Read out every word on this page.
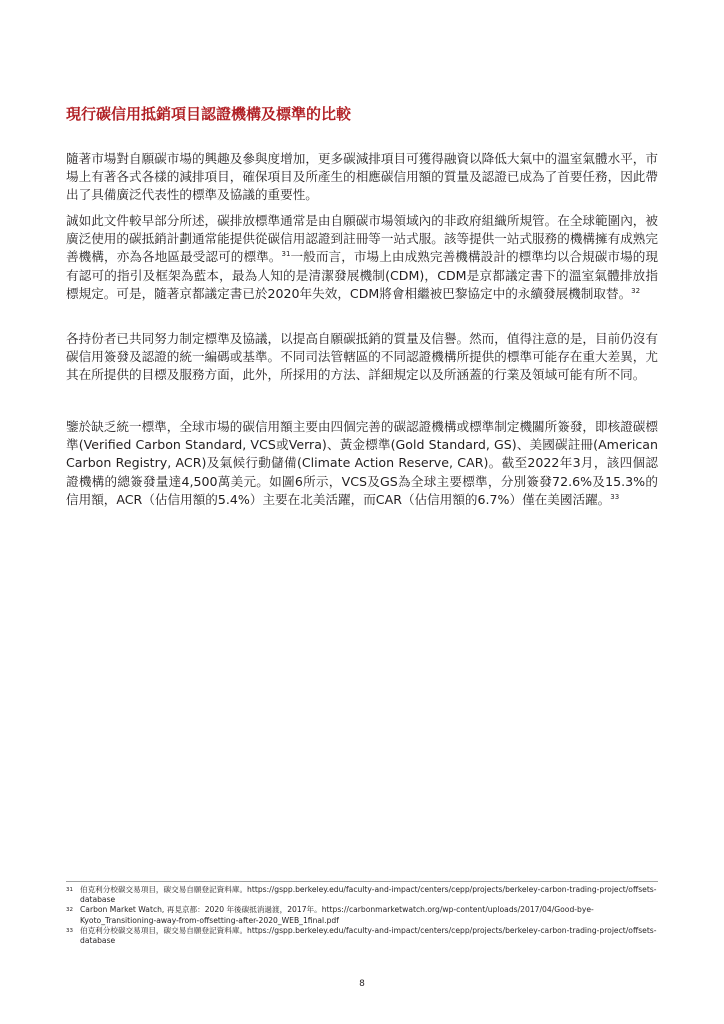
現行碳信用抵銷項目認證機構及標準的比較

隨著市場對自願碳市場的興趣及參與度增加，更多碳減排項目可獲得融資以降低大氣中的溫室氣體水平，市場上有著各式各樣的減排項目，確保項目及所產生的相應碳信用額的質量及認證已成為了首要任務，因此帶出了具備廣泛代表性的標準及協議的重要性。

誠如此文件較早部分所述，碳排放標準通常是由自願碳市場領域內的非政府組織所規管。在全球範圍內，被廣泛使用的碳抵銷計劃通常能提供從碳信用認證到註冊等一站式服。該等提供一站式服務的機構擁有成熟完善機構，亦為各地區最受認可的標準。$^{31}$一般而言，市場上由成熟完善機構設計的標準均以合規碳市場的現有認可的指引及框架為藍本，最為人知的是清潔發展機制(CDM)，CDM是京都議定書下的溫室氣體排放指標規定。可是，隨著京都議定書已於2020年失效，CDM將會相繼被巴黎協定中的永續發展機制取替。$^{32}$

各持份者已共同努力制定標準及協議，以提高自願碳抵銷的質量及信譽。然而，值得注意的是，目前仍沒有碳信用簽發及認證的統一編碼或基準。不同司法管轄區的不同認證機構所提供的標準可能存在重大差異，尤其在所提供的目標及服務方面，此外，所採用的方法、詳細規定以及所涵蓋的行業及領域可能有所不同。

鑒於缺乏統一標準，全球市場的碳信用額主要由四個完善的碳認證機構或標準制定機關所簽發，即核證碳標準(Verified Carbon Standard, VCS或Verra)、黃金標準(Gold Standard, GS)、美國碳註冊(American Carbon Registry, ACR)及氣候行動儲備(Climate Action Reserve, CAR)。截至2022年3月，該四個認證機構的總簽發量達4,500萬美元。如圖6所示，VCS及GS為全球主要標準，分別簽發72.6%及15.3%的信用額，ACR（佔信用額的5.4%）主要在北美活躍，而CAR（佔信用額的6.7%）僅在美國活躍。$^{33}$

31 伯克利分校碳交易項目，碳交易自願登記資料庫。https://gspp.berkeley.edu/faculty-and-impact/centers/cepp/projects/berkeley-carbon-trading-project/offsets-database

32 Carbon Market Watch, 再見京都：2020 年後碳抵消過渡，2017年。https://carbonmarketwatch.org/wp-content/uploads/2017/04/Good-bye-Kyoto_Transitioning-away-from-offsetting-after-2020_WEB_1final.pdf

33 伯克利分校碳交易項目，碳交易自願登記資料庫。https://gspp.berkeley.edu/faculty-and-impact/centers/cepp/projects/berkeley-carbon-trading-project/offsets-database

8
